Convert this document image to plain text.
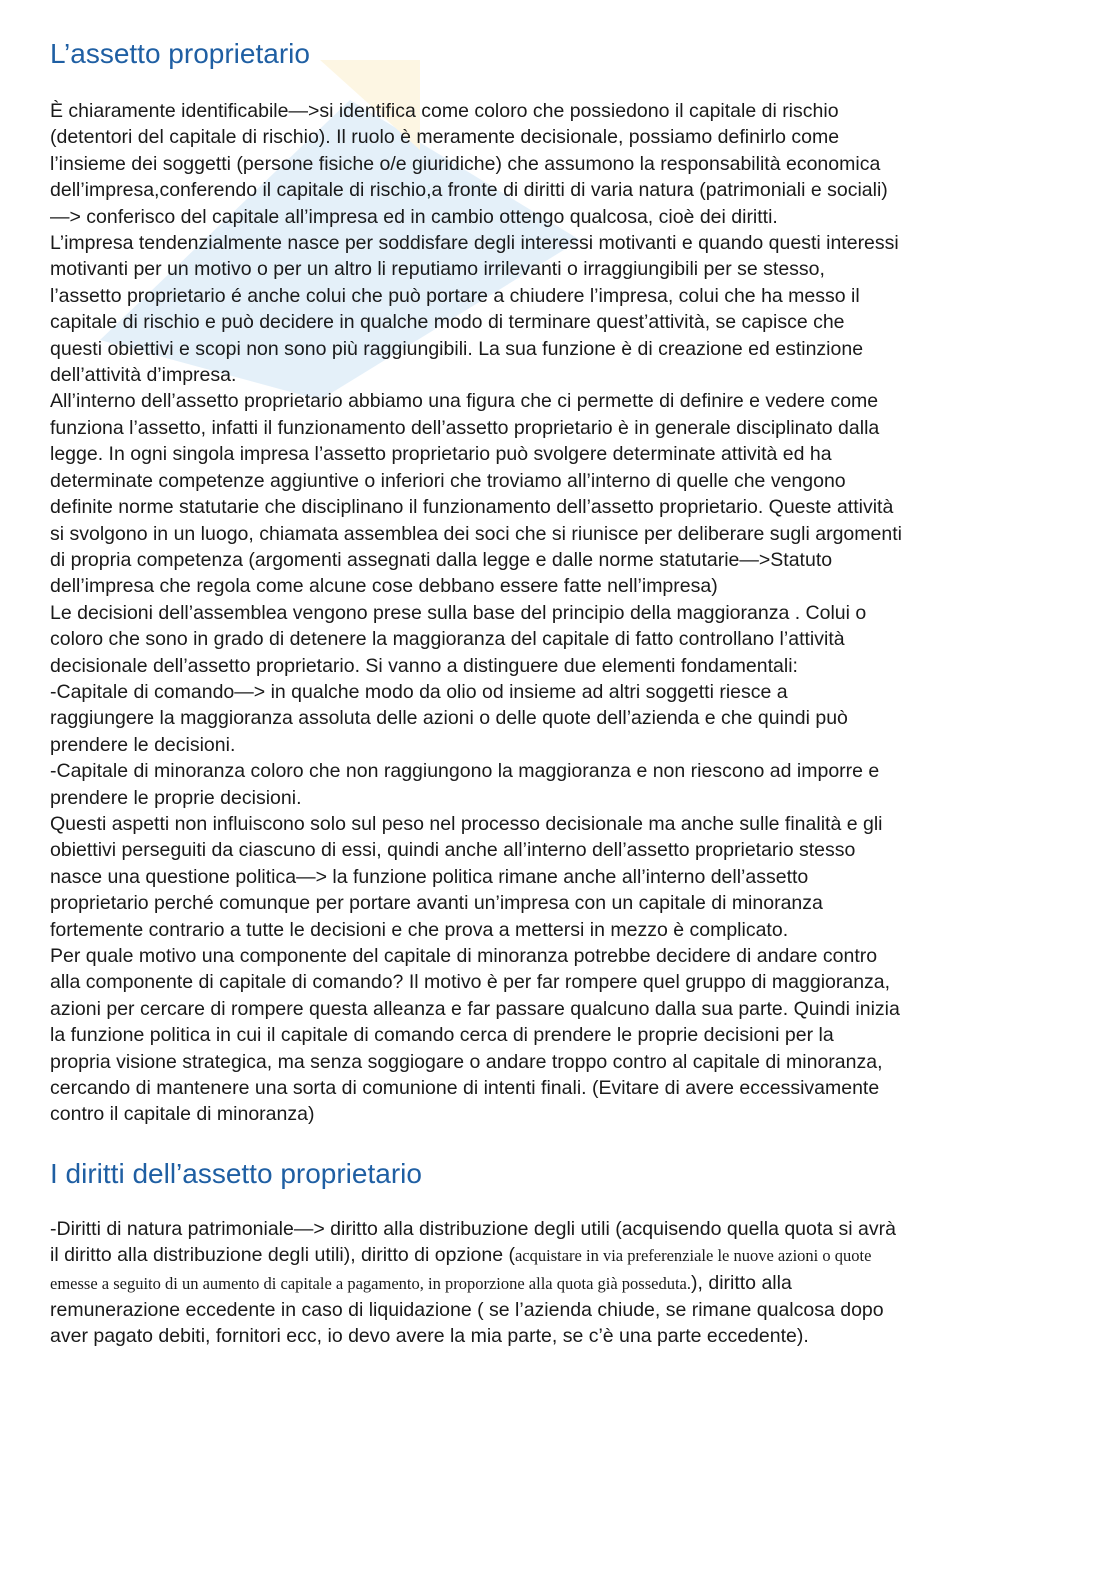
L’assetto proprietario

È chiaramente identificabile—>si identifica come coloro che possiedono il capitale di rischio
(detentori del capitale di rischio). Il ruolo è meramente decisionale, possiamo definirlo come
l’insieme dei soggetti (persone fisiche o/e giuridiche) che assumono la responsabilità economica
dell’impresa,conferendo il capitale di rischio,a fronte di diritti di varia natura (patrimoniali e sociali)
—> conferisco del capitale all’impresa ed in cambio ottengo qualcosa, cioè dei diritti.
L’impresa tendenzialmente nasce per soddisfare degli interessi motivanti e quando questi interessi
motivanti per un motivo o per un altro li reputiamo irrilevanti o irraggiungibili per se stesso,
l’assetto proprietario é anche colui che può portare a chiudere l’impresa, colui che ha messo il
capitale di rischio e può decidere in qualche modo di terminare quest’attività, se capisce che
questi obiettivi e scopi non sono più raggiungibili. La sua funzione è di creazione ed estinzione
dell’attività d’impresa.
All’interno dell’assetto proprietario abbiamo una figura che ci permette di definire e vedere come
funziona l’assetto, infatti il funzionamento dell’assetto proprietario è in generale disciplinato dalla
legge. In ogni singola impresa l’assetto proprietario può svolgere determinate attività ed ha
determinate competenze aggiuntive o inferiori che troviamo all’interno di quelle che vengono
definite norme statutarie che disciplinano il funzionamento dell’assetto proprietario. Queste attività
si svolgono in un luogo, chiamata assemblea dei soci che si riunisce per deliberare sugli argomenti
di propria competenza (argomenti assegnati dalla legge e dalle norme statutarie—>Statuto
dell’impresa che regola come alcune cose debbano essere fatte nell’impresa)
Le decisioni dell’assemblea vengono prese sulla base del principio della maggioranza . Colui o
coloro che sono in grado di detenere la maggioranza del capitale di fatto controllano l’attività
decisionale dell’assetto proprietario. Si vanno a distinguere due elementi fondamentali:
-Capitale di comando—> in qualche modo da olio od insieme ad altri soggetti riesce a
raggiungere la maggioranza assoluta delle azioni o delle quote dell’azienda e che quindi può
prendere le decisioni.
-Capitale di minoranza coloro che non raggiungono la maggioranza e non riescono ad imporre e
prendere le proprie decisioni.
Questi aspetti non influiscono solo sul peso nel processo decisionale ma anche sulle finalità e gli
obiettivi perseguiti da ciascuno di essi, quindi anche all’interno dell’assetto proprietario stesso
nasce una questione politica—> la funzione politica rimane anche all’interno dell’assetto
proprietario perché comunque per portare avanti un’impresa con un capitale di minoranza
fortemente contrario a tutte le decisioni e che prova a mettersi in mezzo è complicato.
Per quale motivo una componente del capitale di minoranza potrebbe decidere di andare contro
alla componente di capitale di comando? Il motivo è per far rompere quel gruppo di maggioranza,
azioni per cercare di rompere questa alleanza e far passare qualcuno dalla sua parte. Quindi inizia
la funzione politica in cui il capitale di comando cerca di prendere le proprie decisioni per la
propria visione strategica, ma senza soggiogare o andare troppo contro al capitale di minoranza,
cercando di mantenere una sorta di comunione di intenti finali. (Evitare di avere eccessivamente
contro il capitale di minoranza)

I diritti dell’assetto proprietario

-Diritti di natura patrimoniale—> diritto alla distribuzione degli utili (acquisendo quella quota si avrà
il diritto alla distribuzione degli utili), diritto di opzione (acquistare in via preferenziale le nuove azioni o quote
emesse a seguito di un aumento di capitale a pagamento, in proporzione alla quota già posseduta.), diritto alla
remunerazione eccedente in caso di liquidazione ( se l’azienda chiude, se rimane qualcosa dopo
aver pagato debiti, fornitori ecc, io devo avere la mia parte, se c’è una parte eccedente).
